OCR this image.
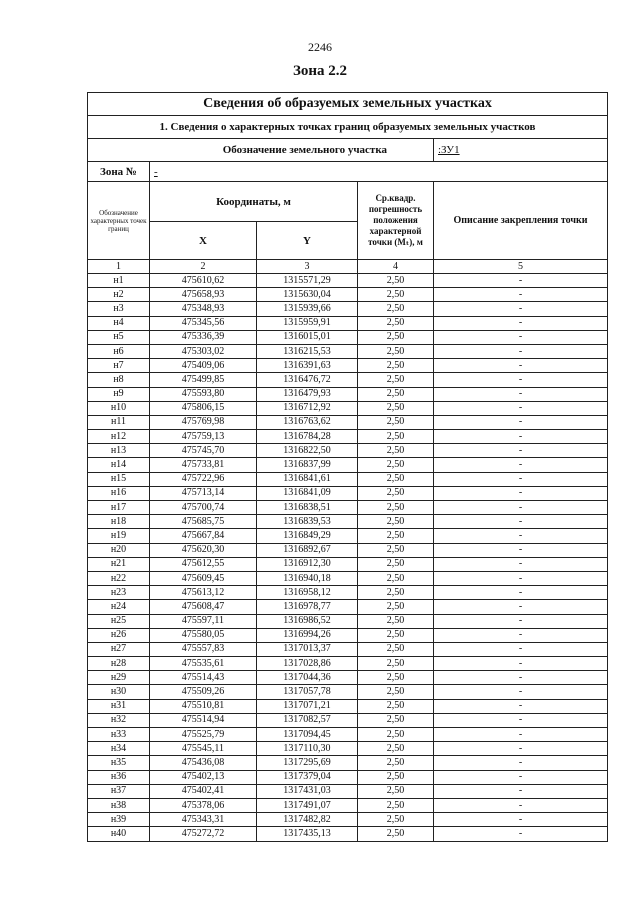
2246
Зона 2.2
Сведения об образуемых земельных участках				
1. Сведения о характерных точках границ образуемых земельных участков				
Обозначение земельного участка				:ЗУ1
Зона №	-			
Обозначение характерных точек границ	Координаты, м		Ср.квадр. погрешность положения характерной точки (Mₜ), м	Описание закрепления точки
	X	Y		
1	2	3	4	5
н1	475610,62	1315571,29	2,50	-
н2	475658,93	1315630,04	2,50	-
н3	475348,93	1315939,66	2,50	-
н4	475345,56	1315959,91	2,50	-
н5	475336,39	1316015,01	2,50	-
н6	475303,02	1316215,53	2,50	-
н7	475409,06	1316391,63	2,50	-
н8	475499,85	1316476,72	2,50	-
н9	475593,80	1316479,93	2,50	-
н10	475806,15	1316712,92	2,50	-
н11	475769,98	1316763,62	2,50	-
н12	475759,13	1316784,28	2,50	-
н13	475745,70	1316822,50	2,50	-
н14	475733,81	1316837,99	2,50	-
н15	475722,96	1316841,61	2,50	-
н16	475713,14	1316841,09	2,50	-
н17	475700,74	1316838,51	2,50	-
н18	475685,75	1316839,53	2,50	-
н19	475667,84	1316849,29	2,50	-
н20	475620,30	1316892,67	2,50	-
н21	475612,55	1316912,30	2,50	-
н22	475609,45	1316940,18	2,50	-
н23	475613,12	1316958,12	2,50	-
н24	475608,47	1316978,77	2,50	-
н25	475597,11	1316986,52	2,50	-
н26	475580,05	1316994,26	2,50	-
н27	475557,83	1317013,37	2,50	-
н28	475535,61	1317028,86	2,50	-
н29	475514,43	1317044,36	2,50	-
н30	475509,26	1317057,78	2,50	-
н31	475510,81	1317071,21	2,50	-
н32	475514,94	1317082,57	2,50	-
н33	475525,79	1317094,45	2,50	-
н34	475545,11	1317110,30	2,50	-
н35	475436,08	1317295,69	2,50	-
н36	475402,13	1317379,04	2,50	-
н37	475402,41	1317431,03	2,50	-
н38	475378,06	1317491,07	2,50	-
н39	475343,31	1317482,82	2,50	-
н40	475272,72	1317435,13	2,50	-
